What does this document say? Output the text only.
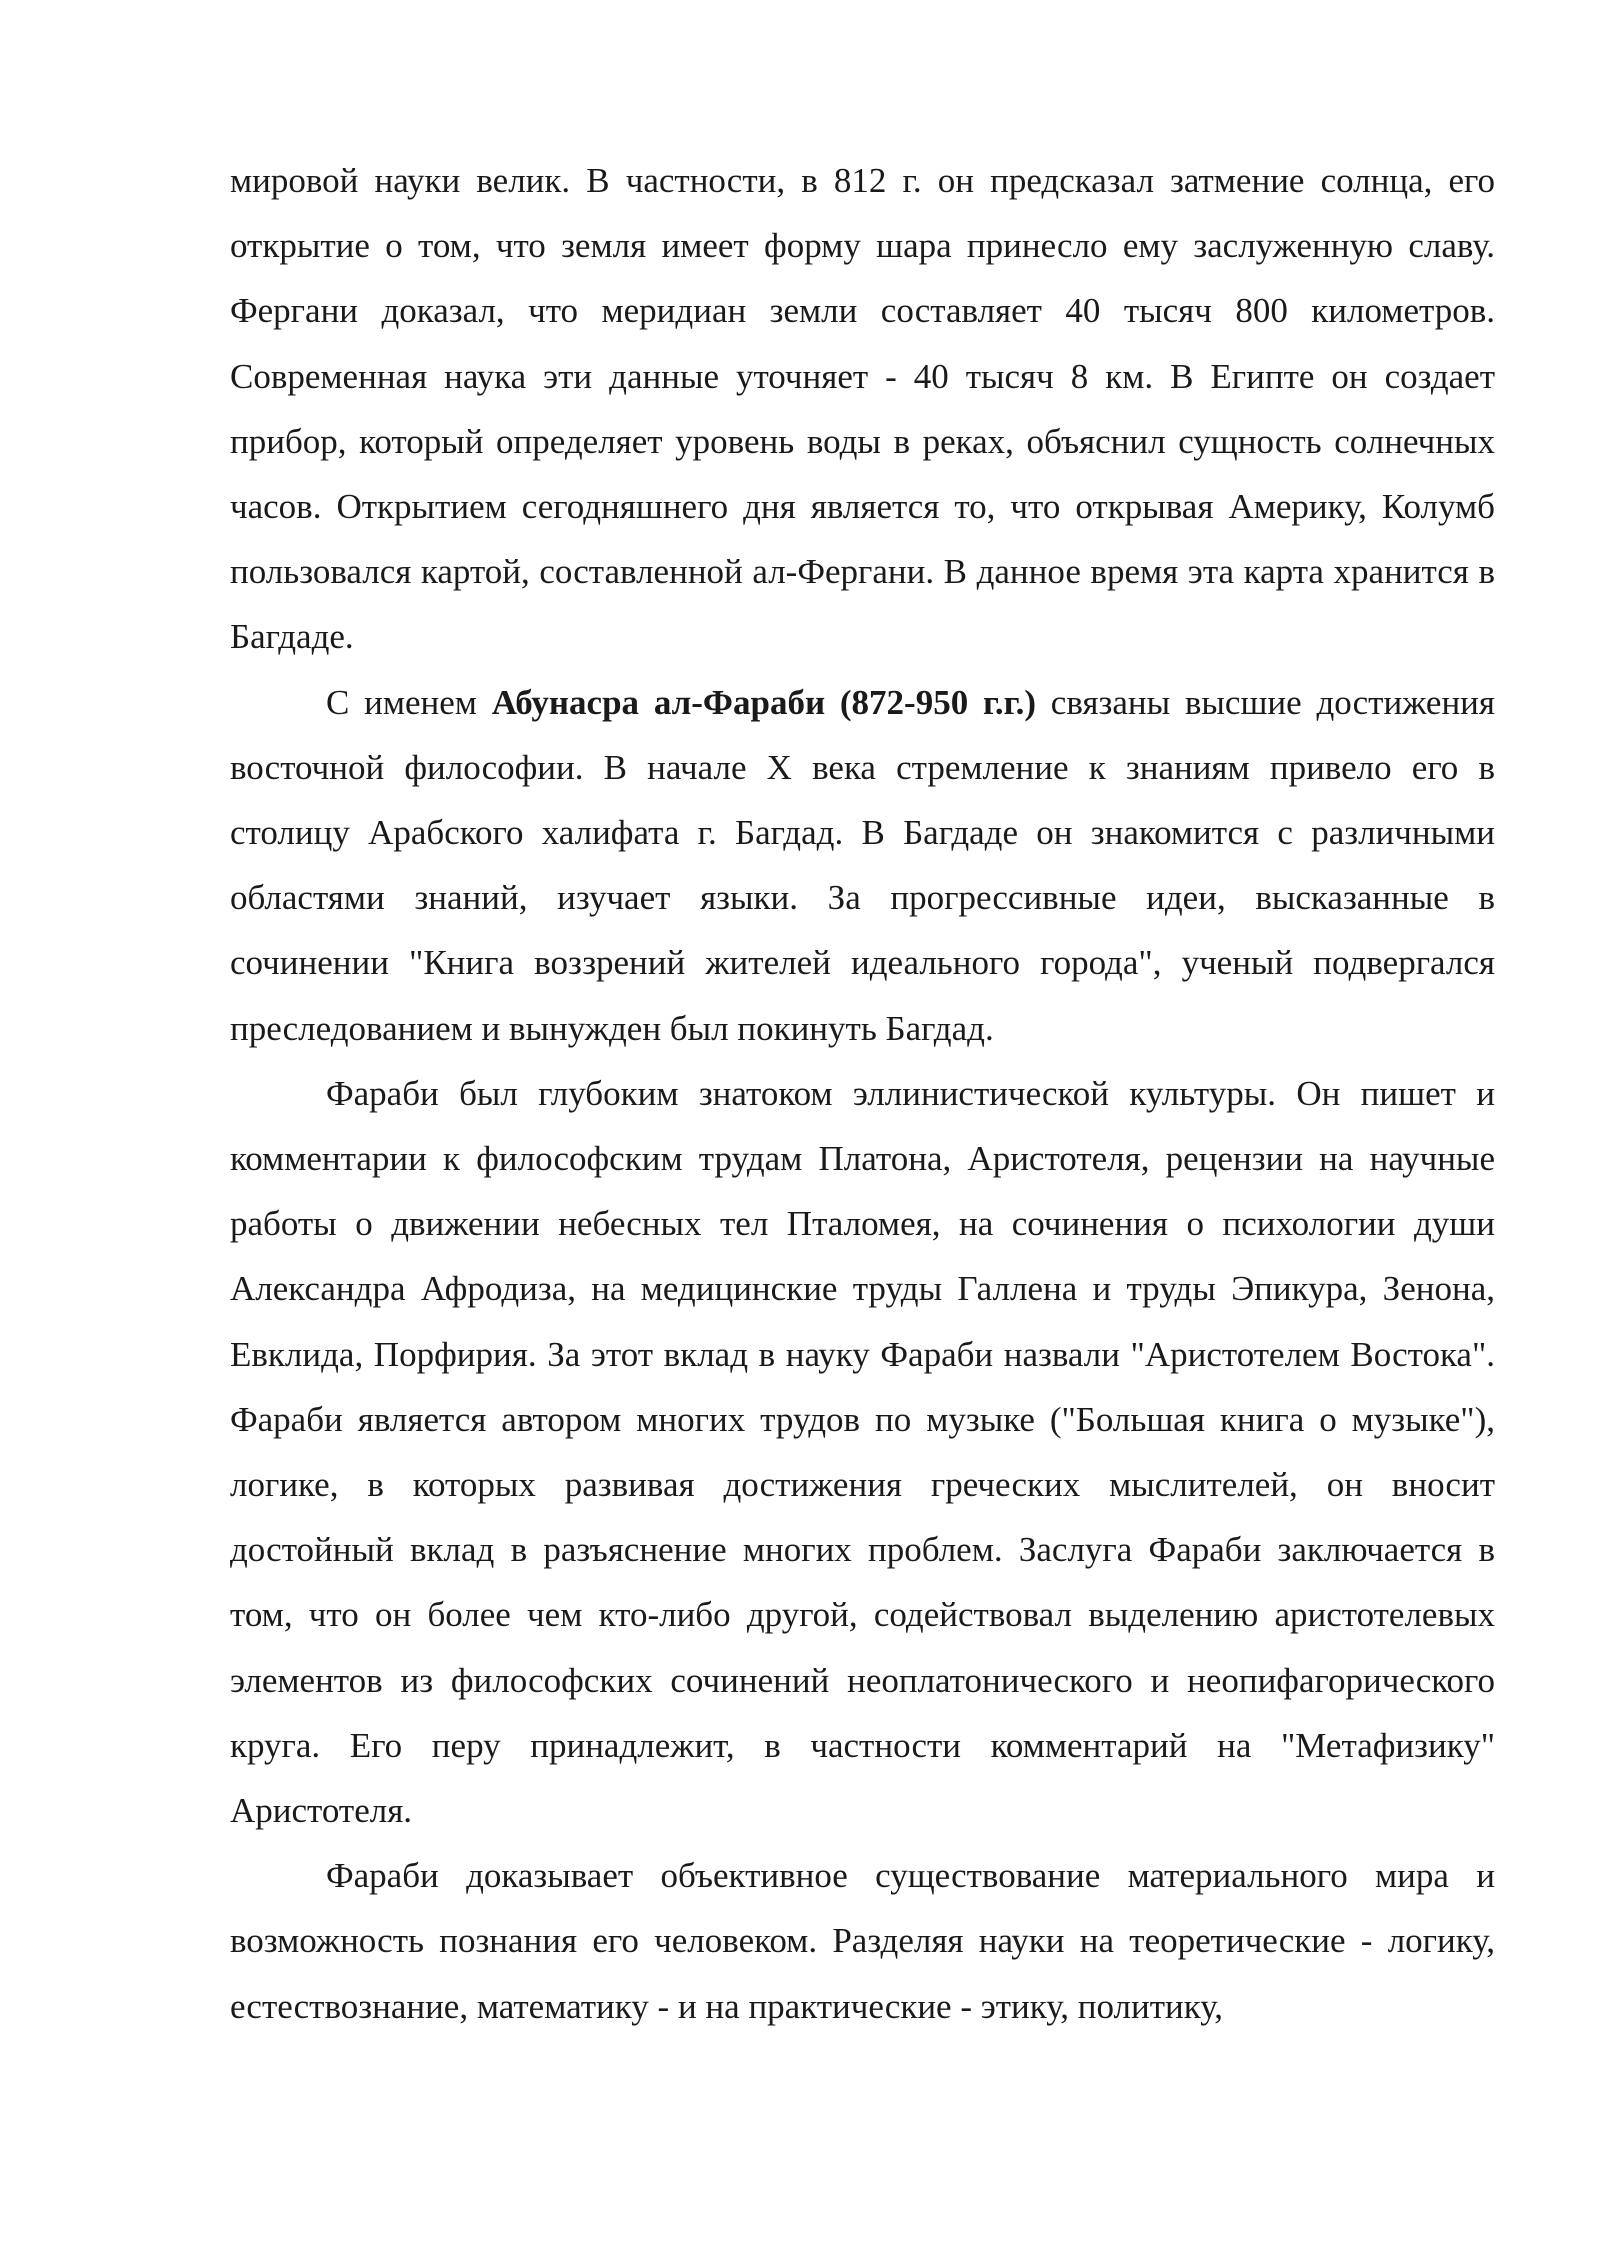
мировой науки велик. В частности, в 812 г. он предсказал затмение солнца, его открытие о том, что земля имеет форму шара принесло ему заслуженную славу. Фергани доказал, что меридиан земли составляет 40 тысяч 800 километров. Современная наука эти данные уточняет - 40 тысяч 8 км. В Египте он создает прибор, который определяет уровень воды в реках, объяснил сущность солнечных часов. Открытием сегодняшнего дня является то, что открывая Америку, Колумб пользовался картой, составленной ал-Фергани. В данное время эта карта хранится в Багдаде.

С именем Абунасра ал-Фараби (872-950 г.г.) связаны высшие достижения восточной философии. В начале X века стремление к знаниям привело его в столицу Арабского халифата г. Багдад. В Багдаде он знакомится с различными областями знаний, изучает языки. За прогрессивные идеи, высказанные в сочинении "Книга воззрений жителей идеального города", ученый подвергался преследованием и вынужден был покинуть Багдад.

Фараби был глубоким знатоком эллинистической культуры. Он пишет и комментарии к философским трудам Платона, Аристотеля, рецензии на научные работы о движении небесных тел Пталомея, на сочинения о психологии души Александра Афродиза, на медицинские труды Галлена и труды Эпикура, Зенона, Евклида, Порфирия. За этот вклад в науку Фараби назвали "Аристотелем Востока". Фараби является автором многих трудов по музыке ("Большая книга о музыке"), логике, в которых развивая достижения греческих мыслителей, он вносит достойный вклад в разъяснение многих проблем. Заслуга Фараби заключается в том, что он более чем кто-либо другой, содействовал выделению аристотелевых элементов из философских сочинений неоплатонического и неопифагорического круга. Его перу принадлежит, в частности комментарий на "Метафизику" Аристотеля.

Фараби доказывает объективное существование материального мира и возможность познания его человеком. Разделяя науки на теоретические - логику, естествознание, математику - и на практические - этику, политику,
